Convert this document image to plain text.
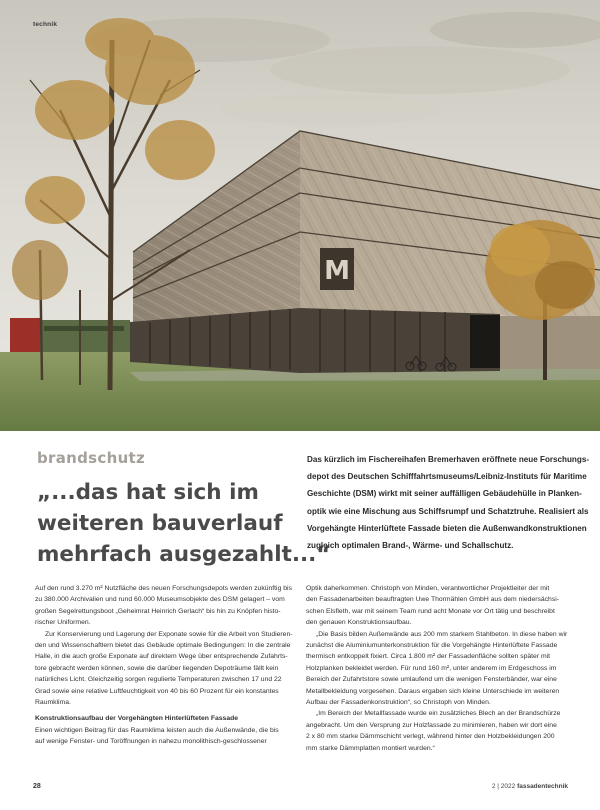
M
technik
brandschutz
„...das hat sich im
weiteren bauverlauf
mehrfach ausgezahlt...“
Das kürzlich im Fischereihafen Bremerhaven eröffnete neue Forschungs-
depot des Deutschen Schifffahrtsmuseums/Leibniz-Instituts für Maritime
Geschichte (DSM) wirkt mit seiner auffälligen Gebäudehülle in Planken-
optik wie eine Mischung aus Schiffsrumpf und Schatztruhe. Realisiert als
Vorgehängte Hinterlüftete Fassade bieten die Außenwandkonstruktionen
zugleich optimalen Brand-, Wärme- und Schallschutz.
Auf den rund 3.270 m² Nutzfläche des neuen Forschungsdepots werden zukünftig bis
zu 380.000 Archivalien und rund 60.000 Museumsobjekte des DSM gelagert – vom
großen Segelrettungsboot „Geheimrat Heinrich Gerlach“ bis hin zu Knöpfen histo-
rischer Uniformen.
Zur Konservierung und Lagerung der Exponate sowie für die Arbeit von Studieren-
den und Wissenschaftlern bietet das Gebäude optimale Bedingungen: In die zentrale
Halle, in die auch große Exponate auf direktem Wege über entsprechende Zufahrts-
tore gebracht werden können, sowie die darüber liegenden Depoträume fällt kein
natürliches Licht. Gleichzeitig sorgen regulierte Temperaturen zwischen 17 und 22
Grad sowie eine relative Luftfeuchtigkeit von 40 bis 60 Prozent für ein konstantes
Raumklima.
Konstruktionsaufbau der Vorgehängten Hinterlüfteten Fassade
Einen wichtigen Beitrag für das Raumklima leisten auch die Außenwände, die bis
auf wenige Fenster- und Toröffnungen in nahezu monolithisch-geschlossener
Optik daherkommen. Christoph von Minden, verantwortlicher Projektleiter der mit
den Fassadenarbeiten beauftragten Uwe Thormählen GmbH aus dem niedersächsi-
schen Elsfleth, war mit seinem Team rund acht Monate vor Ort tätig und beschreibt
den genauen Konstruktionsaufbau.
„Die Basis bilden Außenwände aus 200 mm starkem Stahlbeton. In diese haben wir
zunächst die Aluminiumunterkonstruktion für die Vorgehängte Hinterlüftete Fassade
thermisch entkoppelt fixiert. Circa 1.800 m² der Fassadenfläche sollten später mit
Holzplanken bekleidet werden. Für rund 160 m², unter anderem im Erdgeschoss im
Bereich der Zufahrtstore sowie umlaufend um die wenigen Fensterbänder, war eine
Metallbekleidung vorgesehen. Daraus ergaben sich kleine Unterschiede im weiteren
Aufbau der Fassadenkonstruktion“, so Christoph von Minden.
„Im Bereich der Metallfassade wurde ein zusätzliches Blech an der Brandschürze
angebracht. Um den Versprung zur Holzfassade zu minimieren, haben wir dort eine
2 x 80 mm starke Dämmschicht verlegt, während hinter den Holzbekleidungen 200
mm starke Dämmplatten montiert wurden.“
28	2 | 2022 fassadentechnik
